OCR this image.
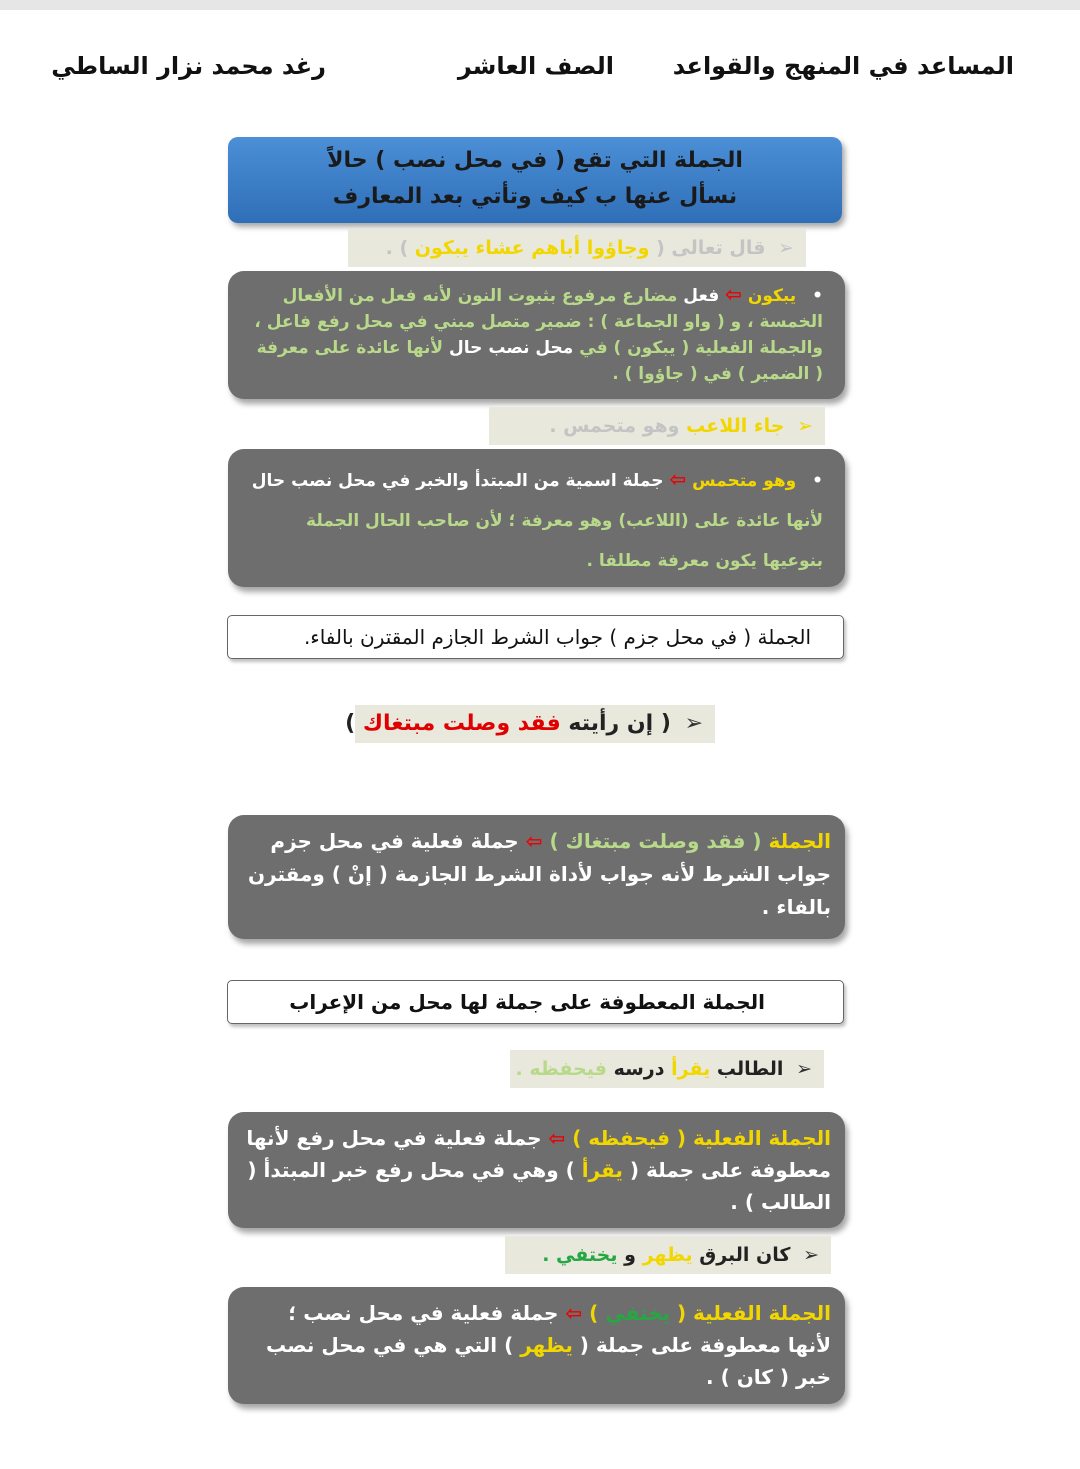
المساعد في المنهج والقواعد
الصف العاشر
رغد محمد نزار الساطي
الجملة التي تقع ( في محل نصب ) حالاً
نسأل عنها ب كيف وتأتي بعد المعارف
➢ قال تعالى ( وجاؤوا أباهم عشاء يبكون ) .
• يبكون ⇦ فعل مضارع مرفوع بثبوت النون لأنه فعل من الأفعال الخمسة ، و ( واو الجماعة ) : ضمير متصل مبني في محل رفع فاعل ، والجملة الفعلية ( يبكون ) في محل نصب حال لأنها عائدة على معرفة ( الضمير ) في ( جاؤوا ) .
➢ جاء اللاعب وهو متحمس .
• وهو متحمس ⇦ جملة اسمية من المبتدأ والخبر في محل نصب حال لأنها عائدة على (اللاعب) وهو معرفة ؛ لأن صاحب الحال الجملة بنوعيها يكون معرفة مطلقا .
الجملة ( في محل جزم ) جواب الشرط الجازم المقترن بالفاء.
➢ ( إن رأيته فقد وصلت مبتغاك )
الجملة ( فقد وصلت مبتغاك ) ⇦ جملة فعلية في محل جزم جواب الشرط لأنه جواب لأداة الشرط الجازمة ( إنْ ) ومقترن بالفاء .
الجملة المعطوفة على جملة لها محل من الإعراب
➢ الطالب يقرأ درسه فيحفظه .
الجملة الفعلية ( فيحفظه ) ⇦ جملة فعلية في محل رفع لأنها معطوفة على جملة ( يقرأ ) وهي في محل رفع خبر المبتدأ ( الطالب ) .
➢ كان البرق يظهر و يختفي .
الجملة الفعلية ( يختفي ) ⇦ جملة فعلية في محل نصب ؛ لأنها معطوفة على جملة ( يظهر ) التي هي في محل نصب خبر ( كان ) .
